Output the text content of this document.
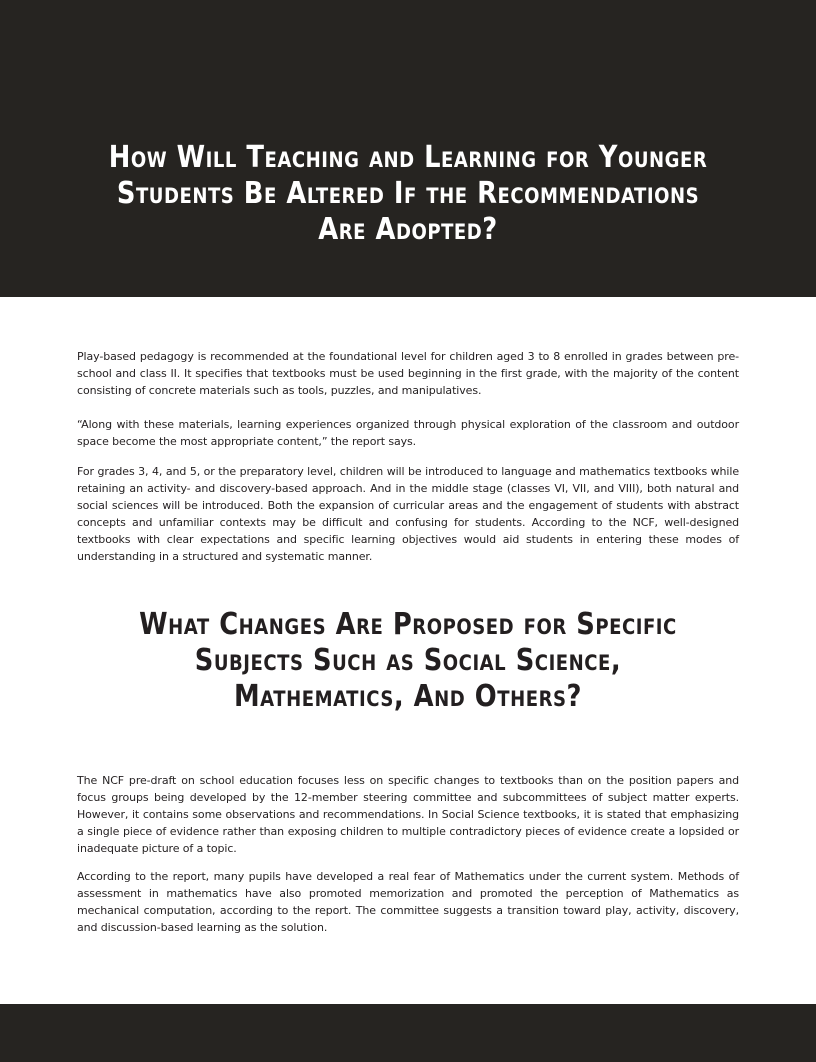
How Will Teaching and Learning for Younger
Students Be Altered If the Recommendations
Are Adopted?

Play-based pedagogy is recommended at the foundational level for children aged 3 to 8 enrolled in grades between pre-school and class II. It specifies that textbooks must be used beginning in the first grade, with the majority of the content consisting of concrete materials such as tools, puzzles, and manipulatives.

“Along with these materials, learning experiences organized through physical exploration of the classroom and outdoor space become the most appropriate content,” the report says.

For grades 3, 4, and 5, or the preparatory level, children will be introduced to language and mathematics textbooks while retaining an activity- and discovery-based approach. And in the middle stage (classes VI, VII, and VIII), both natural and social sciences will be introduced. Both the expansion of curricular areas and the engagement of students with abstract concepts and unfamiliar contexts may be difficult and confusing for students. According to the NCF, well-designed textbooks with clear expectations and specific learning objectives would aid students in entering these modes of understanding in a structured and systematic manner.

What Changes Are Proposed for Specific
Subjects Such as Social Science,
Mathematics, And Others?

The NCF pre-draft on school education focuses less on specific changes to textbooks than on the position papers and focus groups being developed by the 12-member steering committee and subcommittees of subject matter experts. However, it contains some observations and recommendations. In Social Science textbooks, it is stated that emphasizing a single piece of evidence rather than exposing children to multiple contradictory pieces of evidence create a lopsided or inadequate picture of a topic.

According to the report, many pupils have developed a real fear of Mathematics under the current system. Methods of assessment in mathematics have also promoted memorization and promoted the perception of Mathematics as mechanical computation, according to the report. The committee suggests a transition toward play, activity, discovery, and discussion-based learning as the solution.
